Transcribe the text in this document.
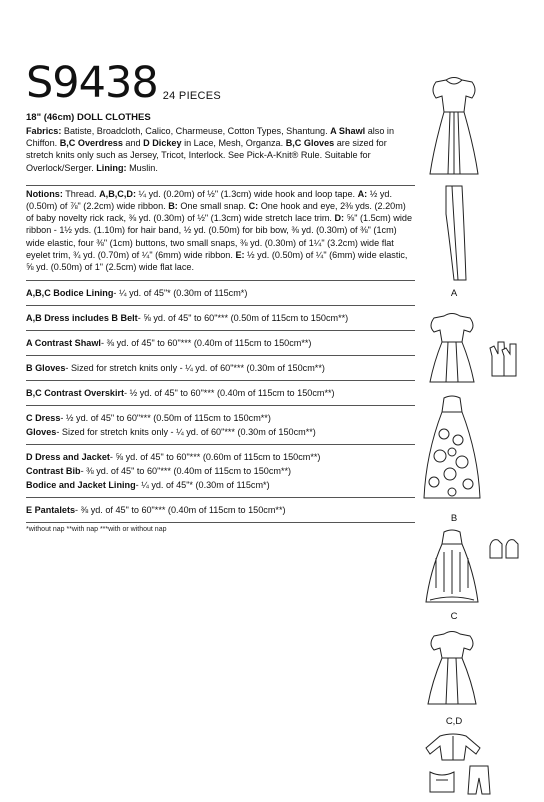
S9438 24 PIECES
18" (46cm) DOLL CLOTHES
Fabrics: Batiste, Broadcloth, Calico, Charmeuse, Cotton Types, Shantung. A Shawl also in Chiffon. B,C Overdress and D Dickey in Lace, Mesh, Organza. B,C Gloves are sized for stretch knits only such as Jersey, Tricot, Interlock. See Pick-A-Knit® Rule. Suitable for Overlock/Serger. Lining: Muslin.
Notions: Thread. A,B,C,D: ¼ yd. (0.20m) of ½" (1.3cm) wide hook and loop tape. A: ½ yd. (0.50m) of ⅞" (2.2cm) wide ribbon. B: One small snap. C: One hook and eye, 2⅜ yds. (2.20m) of baby novelty rick rack, ⅜ yd. (0.30m) of ½" (1.3cm) wide stretch lace trim. D: ⅝" (1.5cm) wide ribbon - 1½ yds. (1.10m) for hair band, ½ yd. (0.50m) for bib bow, ⅜ yd. (0.30m) of ⅜" (1cm) wide elastic, four ⅜" (1cm) buttons, two small snaps, ⅜ yd. (0.30m) of 1¼" (3.2cm) wide flat eyelet trim, ¾ yd. (0.70m) of ¼" (6mm) wide ribbon. E: ½ yd. (0.50m) of ¼" (6mm) wide elastic, ⅝ yd. (0.50m) of 1" (2.5cm) wide flat lace.
A,B,C Bodice Lining- ¼ yd. of 45"* (0.30m of 115cm*)
A,B Dress includes B Belt- ⅝ yd. of 45" to 60"*** (0.50m of 115cm to 150cm**)
A Contrast Shawl- ⅜ yd. of 45" to 60"*** (0.40m of 115cm to 150cm**)
B Gloves- Sized for stretch knits only - ¼ yd. of 60"*** (0.30m of 150cm**)
B,C Contrast Overskirt- ½ yd. of 45" to 60"*** (0.40m of 115cm to 150cm**)
C Dress- ½ yd. of 45" to 60"*** (0.50m of 115cm to 150cm**)
Gloves- Sized for stretch knits only - ¼ yd. of 60"*** (0.30m of 150cm**)
D Dress and Jacket- ⅝ yd. of 45" to 60"*** (0.60m of 115cm to 150cm**)
Contrast Bib- ⅜ yd. of 45" to 60"*** (0.40m of 115cm to 150cm**)
Bodice and Jacket Lining- ¼ yd. of 45"* (0.30m of 115cm*)
E Pantalets- ⅜ yd. of 45" to 60"*** (0.40m of 115cm to 150cm**)
*without nap **with nap ***with or without nap
A
B
C
C,D
